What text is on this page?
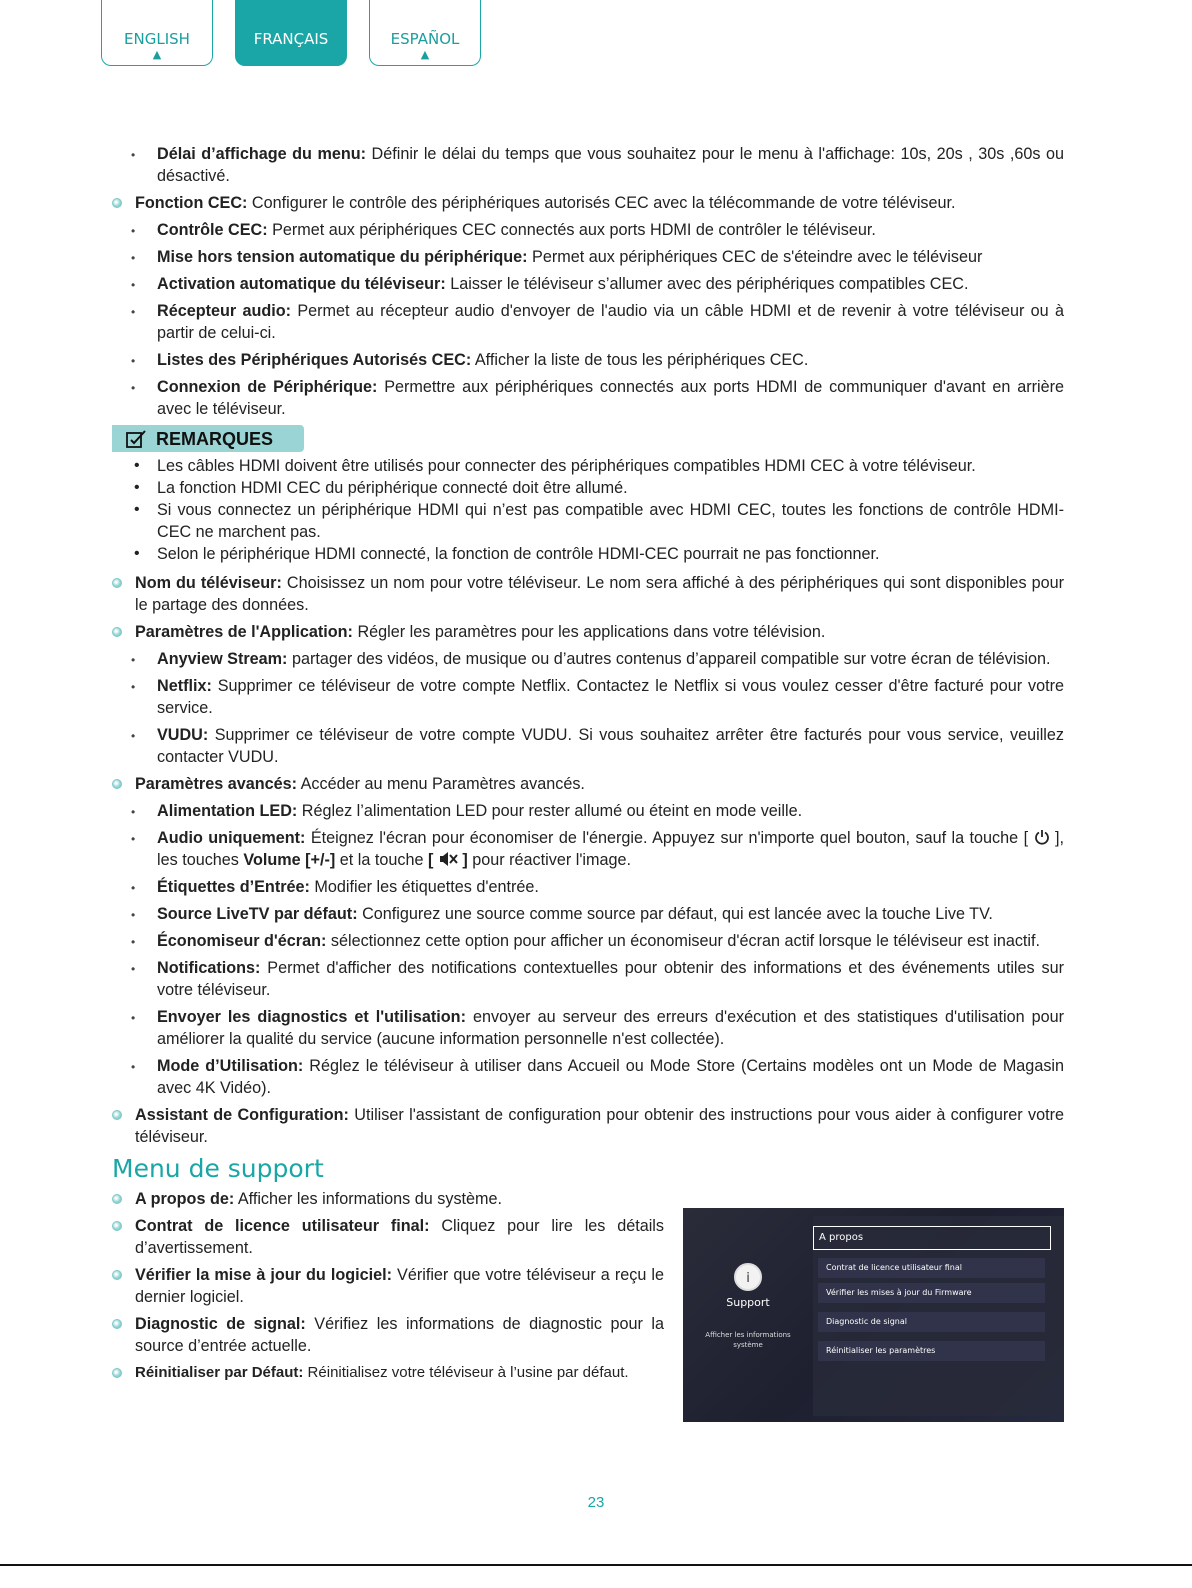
ENGLISH
▲
FRANÇAIS	ESPAÑOL
▲
• Délai d’affichage du menu: Définir le délai du temps que vous souhaitez pour le menu à l'affichage: 10s, 20s , 30s ,60s ou désactivé.
Fonction CEC: Configurer le contrôle des périphériques autorisés CEC avec la télécommande de votre téléviseur.
• Contrôle CEC: Permet aux périphériques CEC connectés aux ports HDMI de contrôler le téléviseur.
• Mise hors tension automatique du périphérique: Permet aux périphériques CEC de s'éteindre avec le téléviseur
• Activation automatique du téléviseur: Laisser le téléviseur s’allumer avec des périphériques compatibles CEC.
• Récepteur audio: Permet au récepteur audio d'envoyer de l'audio via un câble HDMI et de revenir à votre téléviseur ou à partir de celui-ci.
• Listes des Périphériques Autorisés CEC: Afficher la liste de tous les périphériques CEC.
• Connexion de Périphérique: Permettre aux périphériques connectés aux ports HDMI de communiquer d'avant en arrière avec le téléviseur.
REMARQUES
• Les câbles HDMI doivent être utilisés pour connecter des périphériques compatibles HDMI CEC à votre téléviseur.
• La fonction HDMI CEC du périphérique connecté doit être allumé.
• Si vous connectez un périphérique HDMI qui n’est pas compatible avec HDMI CEC, toutes les fonctions de contrôle HDMI-CEC ne marchent pas.
• Selon le périphérique HDMI connecté, la fonction de contrôle HDMI-CEC pourrait ne pas fonctionner.
Nom du téléviseur: Choisissez un nom pour votre téléviseur. Le nom sera affiché à des périphériques qui sont disponibles pour le partage des données.
Paramètres de l'Application: Régler les paramètres pour les applications dans votre télévision.
• Anyview Stream: partager des vidéos, de musique ou d’autres contenus d’appareil compatible sur votre écran de télévision.
• Netflix: Supprimer ce téléviseur de votre compte Netflix. Contactez le Netflix si vous voulez cesser d'être facturé pour votre service.
• VUDU: Supprimer ce téléviseur de votre compte VUDU. Si vous souhaitez arrêter être facturés pour vous service, veuillez contacter VUDU.
Paramètres avancés: Accéder au menu Paramètres avancés.
• Alimentation LED: Réglez l’alimentation LED pour rester allumé ou éteint en mode veille.
• Audio uniquement: Éteignez l'écran pour économiser de l'énergie. Appuyez sur n'importe quel bouton, sauf la touche [  ], les touches Volume [+/-] et la touche [ ] pour réactiver l'image.
• Étiquettes d’Entrée: Modifier les étiquettes d'entrée.
• Source LiveTV par défaut: Configurez une source comme source par défaut, qui est lancée avec la touche Live TV.
• Économiseur d'écran: sélectionnez cette option pour afficher un économiseur d'écran actif lorsque le téléviseur est inactif.
• Notifications: Permet d'afficher des notifications contextuelles pour obtenir des informations et des événements utiles sur votre téléviseur.
• Envoyer les diagnostics et l'utilisation: envoyer au serveur des erreurs d'exécution et des statistiques d'utilisation pour améliorer la qualité du service (aucune information personnelle n'est collectée).
• Mode d’Utilisation: Réglez le téléviseur à utiliser dans Accueil ou Mode Store (Certains modèles ont un Mode de Magasin avec 4K Vidéo).
Assistant de Configuration: Utiliser l'assistant de configuration pour obtenir des instructions pour vous aider à configurer votre téléviseur.
Menu de support
A propos de: Afficher les informations du système.
Contrat de licence utilisateur final: Cliquez pour lire les détails d’avertissement.
Vérifier la mise à jour du logiciel: Vérifier que votre téléviseur a reçu le dernier logiciel.
Diagnostic de signal: Vérifiez les informations de diagnostic pour la source d’entrée actuelle.
Réinitialiser par Défaut: Réinitialisez votre téléviseur à l’usine par défaut.
i
Support
Afficher les informations système
A propos
Contrat de licence utilisateur final
Vérifier les mises à jour du Firmware
Diagnostic de signal
Réinitialiser les paramètres
23
